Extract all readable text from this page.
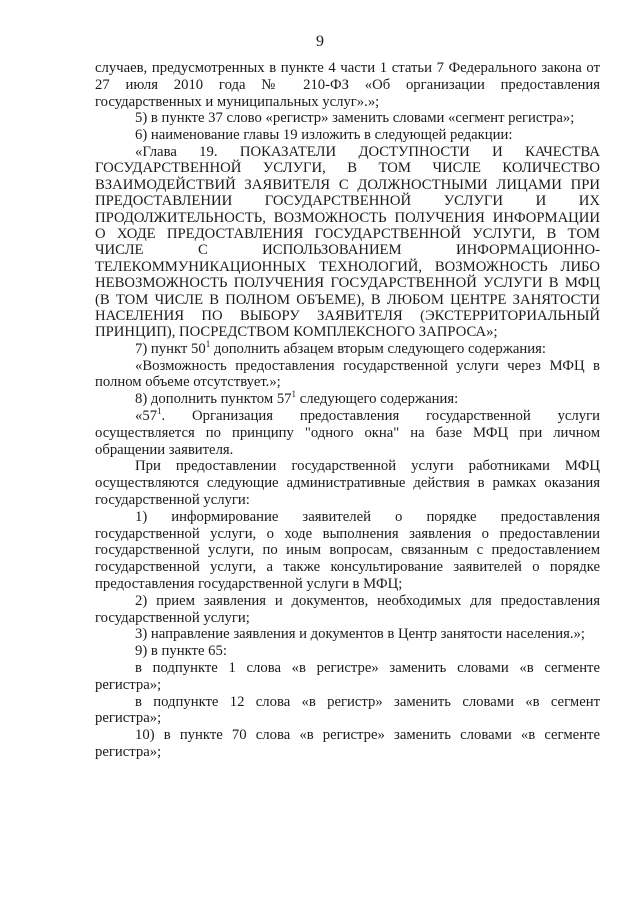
9

случаев, предусмотренных в пункте 4 части 1 статьи 7 Федерального закона от 27 июля 2010 года № 210-ФЗ «Об организации предоставления государственных и муниципальных услуг».»;

5) в пункте 37 слово «регистр» заменить словами «сегмент регистра»;

6) наименование главы 19 изложить в следующей редакции:

«Глава 19. ПОКАЗАТЕЛИ ДОСТУПНОСТИ И КАЧЕСТВА ГОСУДАРСТВЕННОЙ УСЛУГИ, В ТОМ ЧИСЛЕ КОЛИЧЕСТВО ВЗАИМОДЕЙСТВИЙ ЗАЯВИТЕЛЯ С ДОЛЖНОСТНЫМИ ЛИЦАМИ ПРИ ПРЕДОСТАВЛЕНИИ ГОСУДАРСТВЕННОЙ УСЛУГИ И ИХ ПРОДОЛЖИТЕЛЬНОСТЬ, ВОЗМОЖНОСТЬ ПОЛУЧЕНИЯ ИНФОРМАЦИИ О ХОДЕ ПРЕДОСТАВЛЕНИЯ ГОСУДАРСТВЕННОЙ УСЛУГИ, В ТОМ ЧИСЛЕ С ИСПОЛЬЗОВАНИЕМ ИНФОРМАЦИОННО-ТЕЛЕКОММУНИКАЦИОННЫХ ТЕХНОЛОГИЙ, ВОЗМОЖНОСТЬ ЛИБО НЕВОЗМОЖНОСТЬ ПОЛУЧЕНИЯ ГОСУДАРСТВЕННОЙ УСЛУГИ В МФЦ (В ТОМ ЧИСЛЕ В ПОЛНОМ ОБЪЕМЕ), В ЛЮБОМ ЦЕНТРЕ ЗАНЯТОСТИ НАСЕЛЕНИЯ ПО ВЫБОРУ ЗАЯВИТЕЛЯ (ЭКСТЕРРИТОРИАЛЬНЫЙ ПРИНЦИП), ПОСРЕДСТВОМ КОМПЛЕКСНОГО ЗАПРОСА»;

7) пункт $50^1$ дополнить абзацем вторым следующего содержания:

«Возможность предоставления государственной услуги через МФЦ в полном объеме отсутствует.»;

8) дополнить пунктом $57^1$ следующего содержания:

«$57^1$. Организация предоставления государственной услуги осуществляется по принципу "одного окна" на базе МФЦ при личном обращении заявителя.

При предоставлении государственной услуги работниками МФЦ осуществляются следующие административные действия в рамках оказания государственной услуги:

1) информирование заявителей о порядке предоставления государственной услуги, о ходе выполнения заявления о предоставлении государственной услуги, по иным вопросам, связанным с предоставлением государственной услуги, а также консультирование заявителей о порядке предоставления государственной услуги в МФЦ;

2) прием заявления и документов, необходимых для предоставления государственной услуги;

3) направление заявления и документов в Центр занятости населения.»;

9) в пункте 65:

в подпункте 1 слова «в регистре» заменить словами «в сегменте регистра»;

в подпункте 12 слова «в регистр» заменить словами «в сегмент регистра»;

10) в пункте 70 слова «в регистре» заменить словами «в сегменте регистра»;
